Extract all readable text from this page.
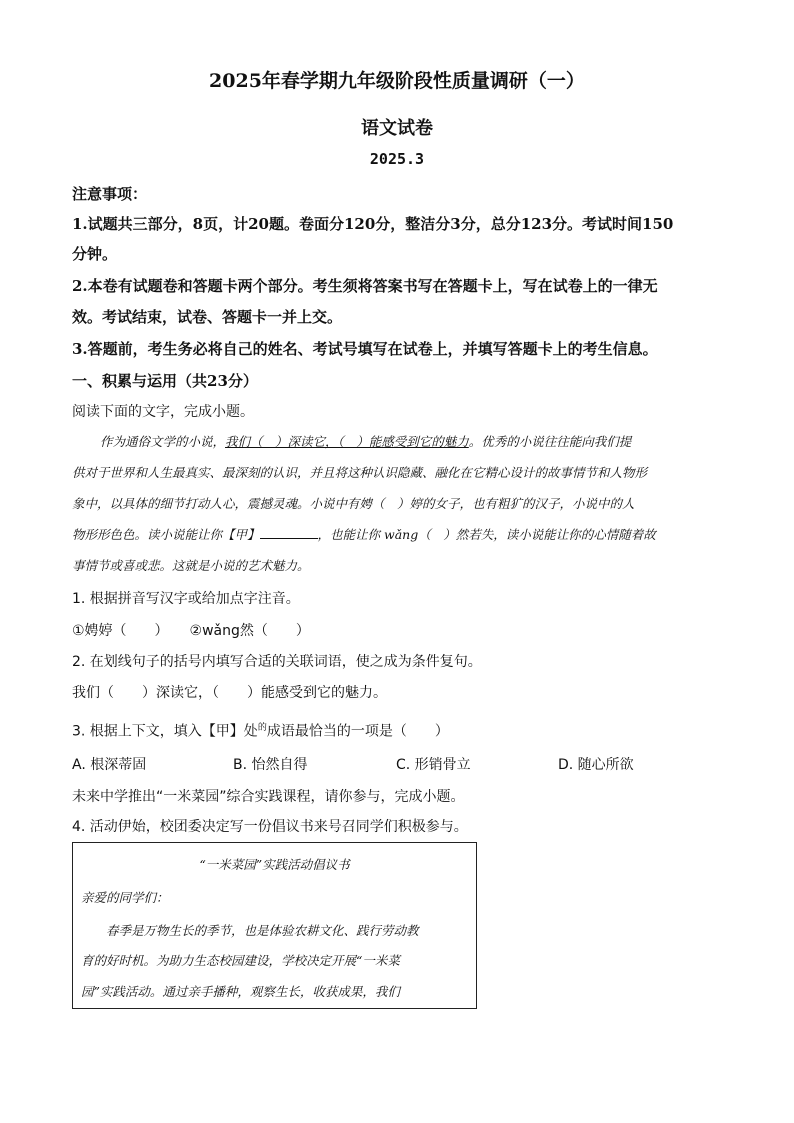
2025年春学期九年级阶段性质量调研（一）
语文试卷
2025.3
注意事项：
1.试题共三部分，8页，计20题。卷面分120分，整洁分3分，总分123分。考试时间150
分钟。
2.本卷有试题卷和答题卡两个部分。考生须将答案书写在答题卡上，写在试卷上的一律无
效。考试结束，试卷、答题卡一并上交。
3.答题前，考生务必将自己的姓名、考试号填写在试卷上，并填写答题卡上的考生信息。
一、积累与运用（共23分）
阅读下面的文字，完成小题。
作为通俗文学的小说，我们（　）深读它，（　）能感受到它的魅力。优秀的小说往往能向我们提
供对于世界和人生最真实、最深刻的认识，并且将这种认识隐藏、融化在它精心设计的故事情节和人物形
象中，以具体的细节打动人心，震撼灵魂。小说中有娉（　）婷的女子，也有粗犷的汉子，小说中的人
物形形色色。读小说能让你【甲】	，也能让你 wǎng（　）然若失，读小说能让你的心情随着故
事情节或喜或悲。这就是小说的艺术魅力。
1. 根据拼音写汉字或给加点字注音。
①娉婷（　　）　　②wǎng然（　　）
2. 在划线句子的括号内填写合适的关联词语，使之成为条件复句。
我们（　　）深读它，（　　）能感受到它的魅力。
3. 根据上下文，填入【甲】处$^的$成语最恰当的一项是（　　）
A. 根深蒂固	B. 怡然自得	C. 形销骨立	D. 随心所欲
未来中学推出“一米菜园”综合实践课程，请你参与，完成小题。
4. 活动伊始，校团委决定写一份倡议书来号召同学们积极参与。
“一米菜园”实践活动倡议书
亲爱的同学们：
　　春季是万物生长的季节，也是体验农耕文化、践行劳动教
育的好时机。为助力生态校园建设，学校决定开展“一米菜
园”实践活动。通过亲手播种，观察生长，收获成果，我们
